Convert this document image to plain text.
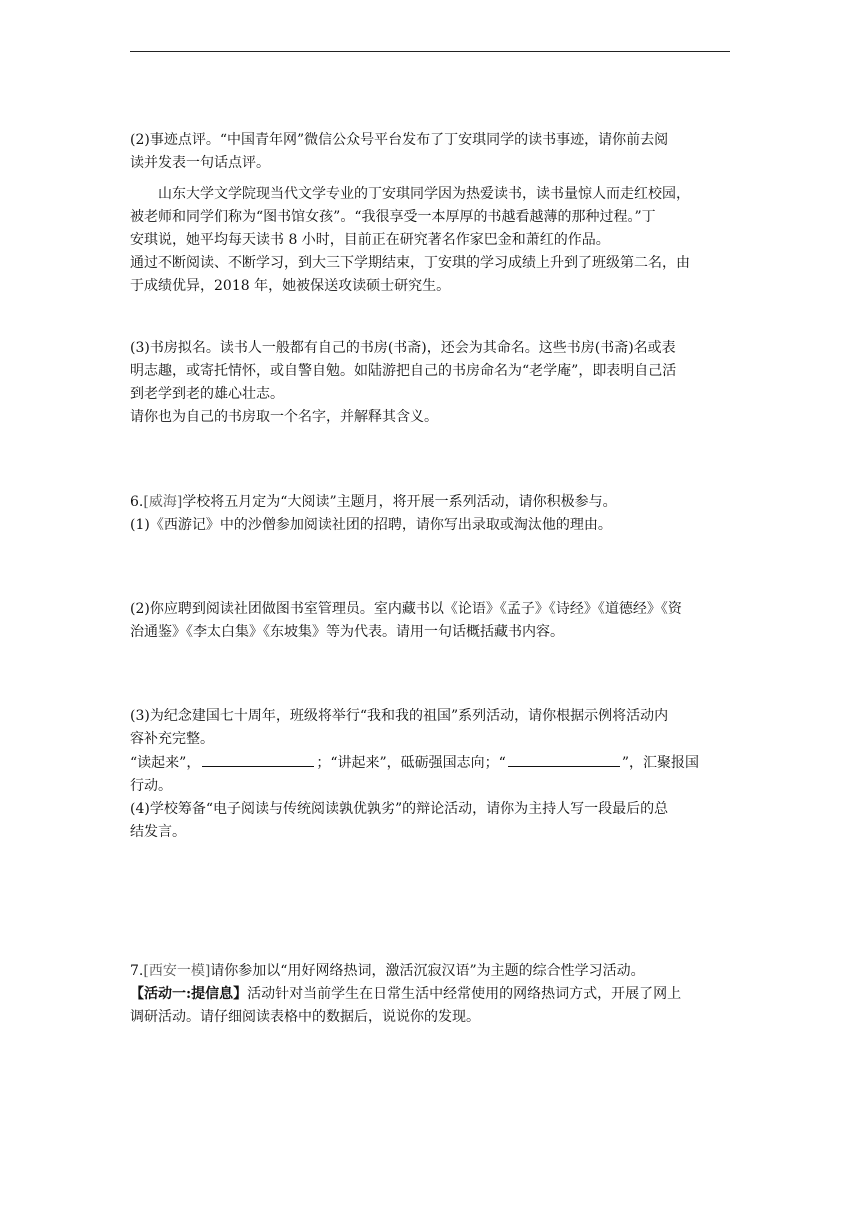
(2)事迹点评。“中国青年网”微信公众号平台发布了丁安琪同学的读书事迹，请你前去阅
读并发表一句话点评。
山东大学文学院现当代文学专业的丁安琪同学因为热爱读书，读书量惊人而走红校园，
被老师和同学们称为“图书馆女孩”。“我很享受一本厚厚的书越看越薄的那种过程。”丁
安琪说，她平均每天读书 8 小时，目前正在研究著名作家巴金和萧红的作品。
通过不断阅读、不断学习，到大三下学期结束，丁安琪的学习成绩上升到了班级第二名，由
于成绩优异，2018 年，她被保送攻读硕士研究生。
(3)书房拟名。读书人一般都有自己的书房(书斋)，还会为其命名。这些书房(书斋)名或表
明志趣，或寄托情怀，或自警自勉。如陆游把自己的书房命名为“老学庵”，即表明自己活
到老学到老的雄心壮志。
请你也为自己的书房取一个名字，并解释其含义。
6.[威海]学校将五月定为“大阅读”主题月，将开展一系列活动，请你积极参与。
(1)《西游记》中的沙僧参加阅读社团的招聘，请你写出录取或淘汰他的理由。
(2)你应聘到阅读社团做图书室管理员。室内藏书以《论语》《孟子》《诗经》《道德经》《资
治通鉴》《李太白集》《东坡集》等为代表。请用一句话概括藏书内容。
(3)为纪念建国七十周年，班级将举行“我和我的祖国”系列活动，请你根据示例将活动内
容补充完整。
“读起来”，	；“讲起来”，砥砺强国志向；“	”，汇聚报国
行动。
(4)学校筹备“电子阅读与传统阅读孰优孰劣”的辩论活动，请你为主持人写一段最后的总
结发言。
7.[西安一模]请你参加以“用好网络热词，激活沉寂汉语”为主题的综合性学习活动。
【活动一:提信息】活动针对当前学生在日常生活中经常使用的网络热词方式，开展了网上
调研活动。请仔细阅读表格中的数据后，说说你的发现。
